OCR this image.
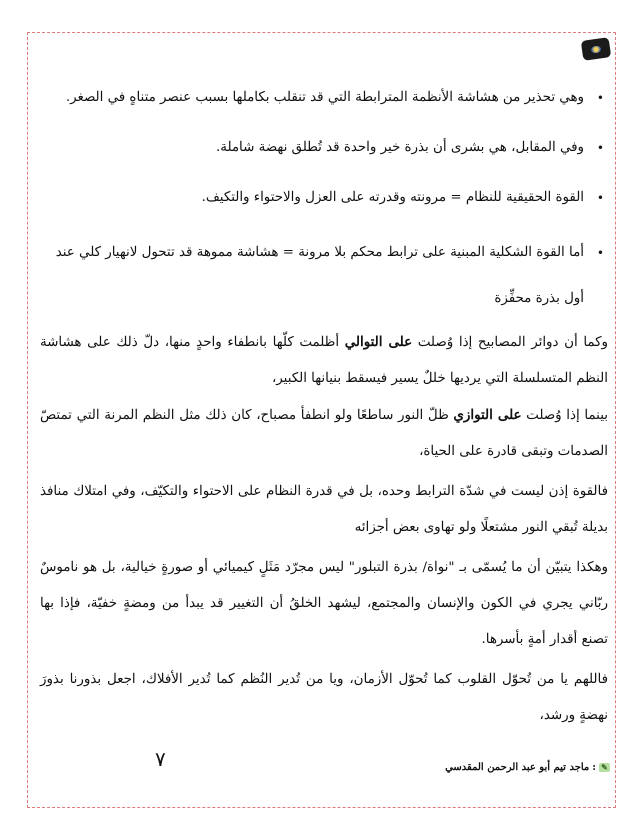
• وهي تحذير من هشاشة الأنظمة المترابطة التي قد تنقلب بكاملها بسبب عنصر متناهٍ في الصغر.
• وفي المقابل، هي بشرى أن بذرة خير واحدة قد تُطلق نهضة شاملة.
• القوة الحقيقية للنظام = مرونته وقدرته على العزل والاحتواء والتكيف.
• أما القوة الشكلية المبنية على ترابط محكم بلا مرونة = هشاشة مموهة قد تتحول لانهيار كلي عند أول بذرة محفِّزة

وكما أن دوائر المصابيح إذا وُصلت على التوالي أظلمت كلّها بانطفاء واحدٍ منها، دلّ ذلك على هشاشة النظم المتسلسلة التي يرديها خللٌ يسير فيسقط بنيانها الكبير،

بينما إذا وُصلت على التوازي ظلّ النور ساطعًا ولو انطفأ مصباح، كان ذلك مثل النظم المرنة التي تمتصّ الصدمات وتبقى قادرة على الحياة،

فالقوة إذن ليست في شدّة الترابط وحده، بل في قدرة النظام على الاحتواء والتكيّف، وفي امتلاك منافذ بديلة تُبقي النور مشتعلًا ولو تهاوى بعض أجزائه

وهكذا يتبيّن أن ما يُسمّى بـ "نواة/ بذرة التبلور" ليس مجرّد مَثَلٍ كيميائي أو صورةٍ خيالية، بل هو ناموسٌ ربّاني يجري في الكون والإنسان والمجتمع، ليشهد الخلقُ أن التغيير قد يبدأ من ومضةٍ خفيّة، فإذا بها تصنع أقدار أمةٍ بأسرها.

فاللهم يا من تُحوّل القلوب كما تُحوّل الأزمان، ويا من تُدير النُظم كما تُدير الأفلاك، اجعل بذورنا بذورَ نهضةٍ ورشد،

٧	✎
:
ماجد تيم أبو عبد الرحمن المقدسي
